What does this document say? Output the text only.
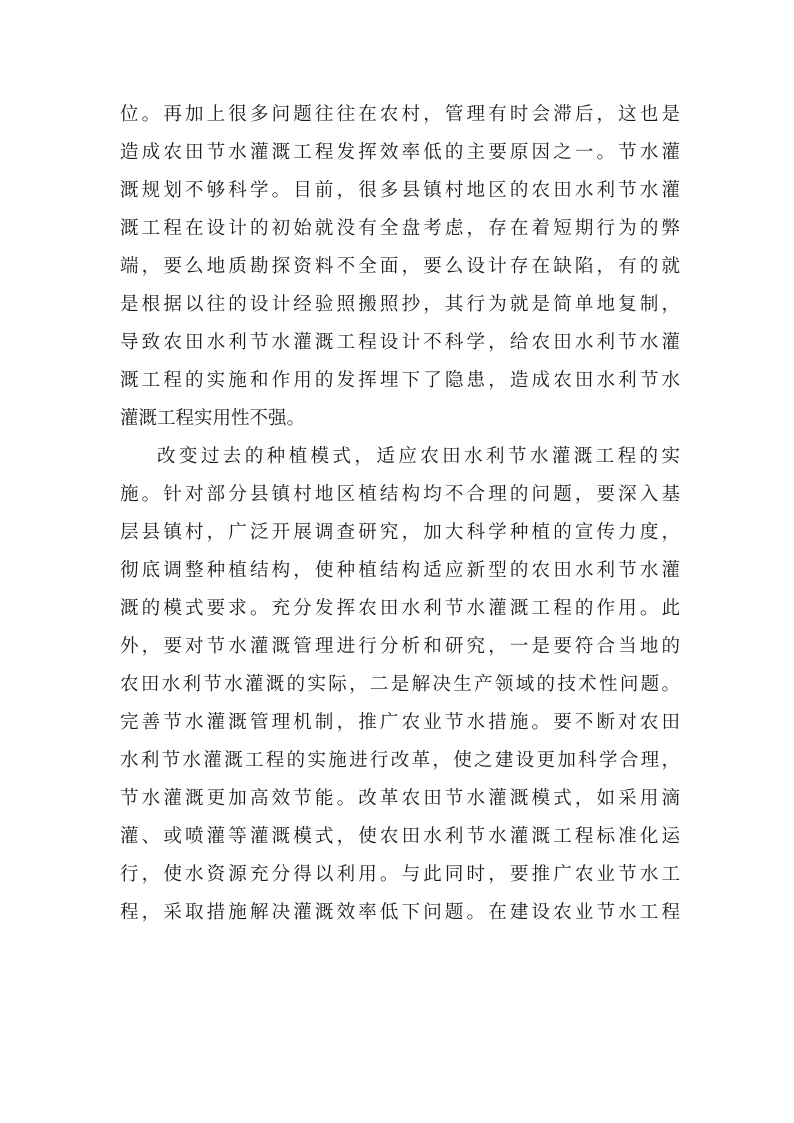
位。再加上很多问题往往在农村，管理有时会滞后，这也是
造成农田节水灌溉工程发挥效率低的主要原因之一。节水灌
溉规划不够科学。目前，很多县镇村地区的农田水利节水灌
溉工程在设计的初始就没有全盘考虑，存在着短期行为的弊
端，要么地质勘探资料不全面，要么设计存在缺陷，有的就
是根据以往的设计经验照搬照抄，其行为就是简单地复制，
导致农田水利节水灌溉工程设计不科学，给农田水利节水灌
溉工程的实施和作用的发挥埋下了隐患，造成农田水利节水
灌溉工程实用性不强。
改变过去的种植模式，适应农田水利节水灌溉工程的实
施。针对部分县镇村地区植结构均不合理的问题，要深入基
层县镇村，广泛开展调查研究，加大科学种植的宣传力度，
彻底调整种植结构，使种植结构适应新型的农田水利节水灌
溉的模式要求。充分发挥农田水利节水灌溉工程的作用。此
外，要对节水灌溉管理进行分析和研究，一是要符合当地的
农田水利节水灌溉的实际，二是解决生产领域的技术性问题。
完善节水灌溉管理机制，推广农业节水措施。要不断对农田
水利节水灌溉工程的实施进行改革，使之建设更加科学合理，
节水灌溉更加高效节能。改革农田节水灌溉模式，如采用滴
灌、或喷灌等灌溉模式，使农田水利节水灌溉工程标准化运
行，使水资源充分得以利用。与此同时，要推广农业节水工
程，采取措施解决灌溉效率低下问题。在建设农业节水工程
